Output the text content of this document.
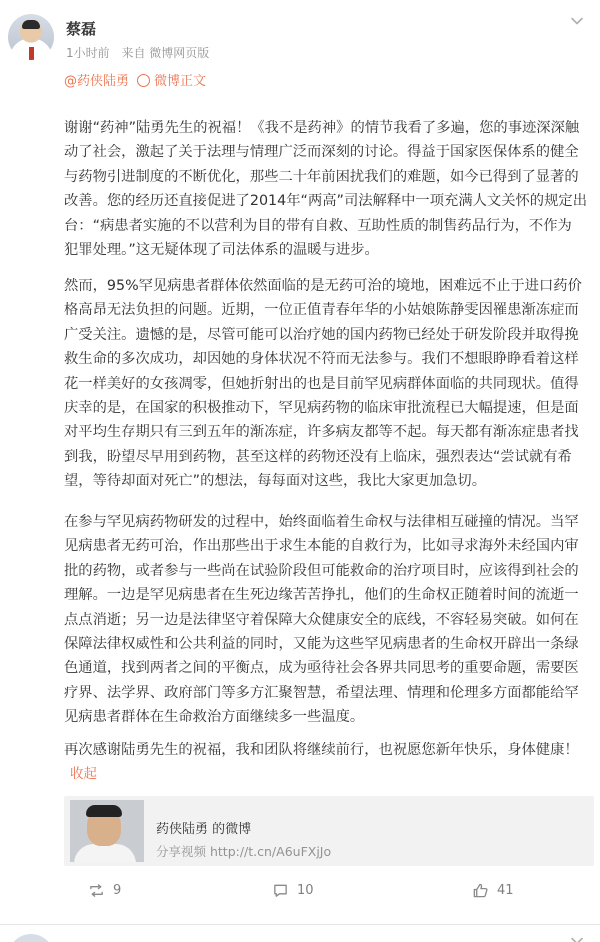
蔡磊
1小时前 来自 微博网页版
@药侠陆勇	微博正文
谢谢“药神”陆勇先生的祝福！《我不是药神》的情节我看了多遍，您的事迹深深触
动了社会，激起了关于法理与情理广泛而深刻的讨论。得益于国家医保体系的健全
与药物引进制度的不断优化，那些二十年前困扰我们的难题，如今已得到了显著的
改善。您的经历还直接促进了2014年“两高”司法解释中一项充满人文关怀的规定出
台：“病患者实施的不以营利为目的带有自救、互助性质的制售药品行为，不作为
犯罪处理。”这无疑体现了司法体系的温暖与进步。
然而，95%罕见病患者群体依然面临的是无药可治的境地，困难远不止于进口药价
格高昂无法负担的问题。近期，一位正值青春年华的小姑娘陈静雯因罹患渐冻症而
广受关注。遗憾的是，尽管可能可以治疗她的国内药物已经处于研发阶段并取得挽
救生命的多次成功，却因她的身体状况不符而无法参与。我们不想眼睁睁看着这样
花一样美好的女孩凋零，但她折射出的也是目前罕见病群体面临的共同现状。值得
庆幸的是，在国家的积极推动下，罕见病药物的临床审批流程已大幅提速，但是面
对平均生存期只有三到五年的渐冻症，许多病友都等不起。每天都有渐冻症患者找
到我，盼望尽早用到药物，甚至这样的药物还没有上临床，强烈表达“尝试就有希
望，等待却面对死亡”的想法，每每面对这些，我比大家更加急切。
在参与罕见病药物研发的过程中，始终面临着生命权与法律相互碰撞的情况。当罕
见病患者无药可治，作出那些出于求生本能的自救行为，比如寻求海外未经国内审
批的药物，或者参与一些尚在试验阶段但可能救命的治疗项目时，应该得到社会的
理解。一边是罕见病患者在生死边缘苦苦挣扎，他们的生命权正随着时间的流逝一
点点消逝；另一边是法律坚守着保障大众健康安全的底线，不容轻易突破。如何在
保障法律权威性和公共利益的同时，又能为这些罕见病患者的生命权开辟出一条绿
色通道，找到两者之间的平衡点，成为亟待社会各界共同思考的重要命题，需要医
疗界、法学界、政府部门等多方汇聚智慧，希望法理、情理和伦理多方面都能给罕
见病患者群体在生命救治方面继续多一些温度。
再次感谢陆勇先生的祝福，我和团队将继续前行，也祝愿您新年快乐，身体健康！
收起
药侠陆勇 的微博
分享视频 http://t.cn/A6uFXjJo
9	10	41
